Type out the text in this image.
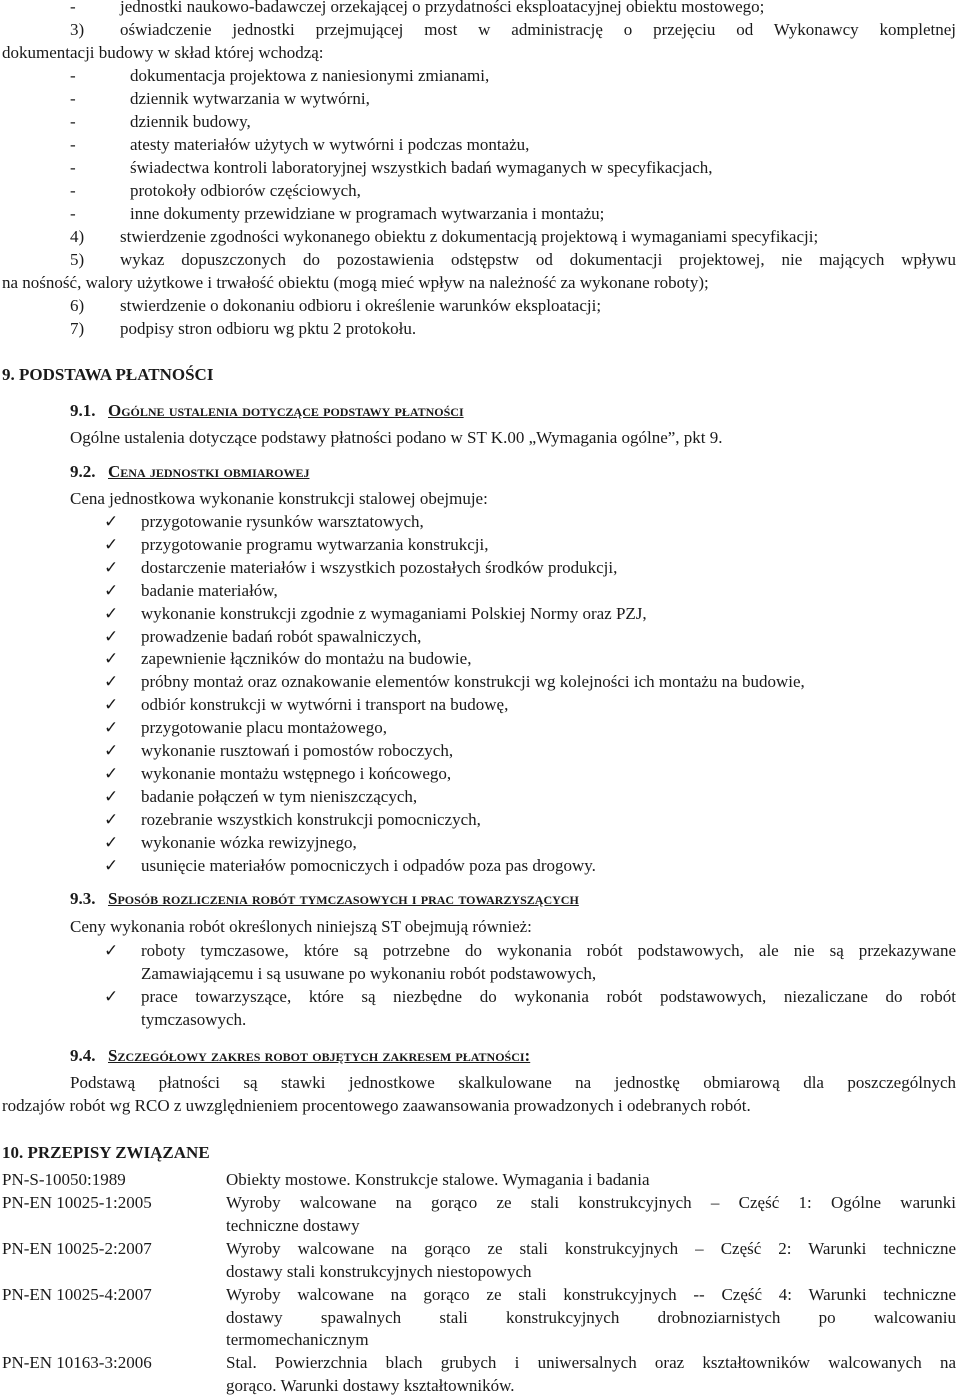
-	jednostki naukowo-badawczej orzekającej o przydatności eksploatacyjnej obiektu mostowego;
3) oświadczenie jednostki przejmującej most w administrację o przejęciu od Wykonawcy kompletnej
dokumentacji budowy w skład której wchodzą:
-	dokumentacja projektowa z naniesionymi zmianami,
-	dziennik wytwarzania w wytwórni,
-	dziennik budowy,
-	atesty materiałów użytych w wytwórni i podczas montażu,
-	świadectwa kontroli laboratoryjnej wszystkich badań wymaganych w specyfikacjach,
-	protokoły odbiorów częściowych,
-	inne dokumenty przewidziane w programach wytwarzania i montażu;
4) stwierdzenie zgodności wykonanego obiektu z dokumentacją projektową i wymaganiami specyfikacji;
5) wykaz dopuszczonych do pozostawienia odstępstw od dokumentacji projektowej, nie mających wpływu
na nośność, walory użytkowe i trwałość obiektu (mogą mieć wpływ na należność za wykonane roboty);
6) stwierdzenie o dokonaniu odbioru i określenie warunków eksploatacji;
7) podpisy stron odbioru wg pktu 2 protokołu.
9. PODSTAWA PŁATNOŚCI
9.1. Ogólne ustalenia dotyczące podstawy płatności
Ogólne ustalenia dotyczące podstawy płatności podano w ST K.00 „Wymagania ogólne”, pkt 9.
9.2. Cena jednostki obmiarowej
Cena jednostkowa wykonanie konstrukcji stalowej obejmuje:
✓ przygotowanie rysunków warsztatowych,
✓ przygotowanie programu wytwarzania konstrukcji,
✓ dostarczenie materiałów i wszystkich pozostałych środków produkcji,
✓ badanie materiałów,
✓ wykonanie konstrukcji zgodnie z wymaganiami Polskiej Normy oraz PZJ,
✓ prowadzenie badań robót spawalniczych,
✓ zapewnienie łączników do montażu na budowie,
✓ próbny montaż oraz oznakowanie elementów konstrukcji wg kolejności ich montażu na budowie,
✓ odbiór konstrukcji w wytwórni i transport na budowę,
✓ przygotowanie placu montażowego,
✓ wykonanie rusztowań i pomostów roboczych,
✓ wykonanie montażu wstępnego i końcowego,
✓ badanie połączeń w tym nieniszczących,
✓ rozebranie wszystkich konstrukcji pomocniczych,
✓ wykonanie wózka rewizyjnego,
✓ usunięcie materiałów pomocniczych i odpadów poza pas drogowy.
9.3. Sposób rozliczenia robót tymczasowych i prac towarzyszących
Ceny wykonania robót określonych niniejszą ST obejmują również:
✓ roboty tymczasowe, które są potrzebne do wykonania robót podstawowych, ale nie są przekazywane
Zamawiającemu i są usuwane po wykonaniu robót podstawowych,
✓ prace towarzyszące, które są niezbędne do wykonania robót podstawowych, niezaliczane do robót
tymczasowych.
9.4. Szczegółowy zakres robot objętych zakresem płatności:
Podstawą płatności są stawki jednostkowe skalkulowane na jednostkę obmiarową dla poszczególnych
rodzajów robót wg RCO z uwzględnieniem procentowego zaawansowania prowadzonych i odebranych robót.
10. PRZEPISY ZWIĄZANE
PN-S-10050:1989	Obiekty mostowe. Konstrukcje stalowe. Wymagania i badania
PN-EN 10025-1:2005	Wyroby walcowane na gorąco ze stali konstrukcyjnych – Część 1: Ogólne warunki
techniczne dostawy
PN-EN 10025-2:2007	Wyroby walcowane na gorąco ze stali konstrukcyjnych – Część 2: Warunki techniczne
dostawy stali konstrukcyjnych niestopowych
PN-EN 10025-4:2007	Wyroby walcowane na gorąco ze stali konstrukcyjnych -- Część 4: Warunki techniczne
dostawy spawalnych stali konstrukcyjnych drobnoziarnistych po walcowaniu
termomechanicznym
PN-EN 10163-3:2006	Stal. Powierzchnia blach grubych i uniwersalnych oraz kształtowników walcowanych na
gorąco. Warunki dostawy kształtowników.
